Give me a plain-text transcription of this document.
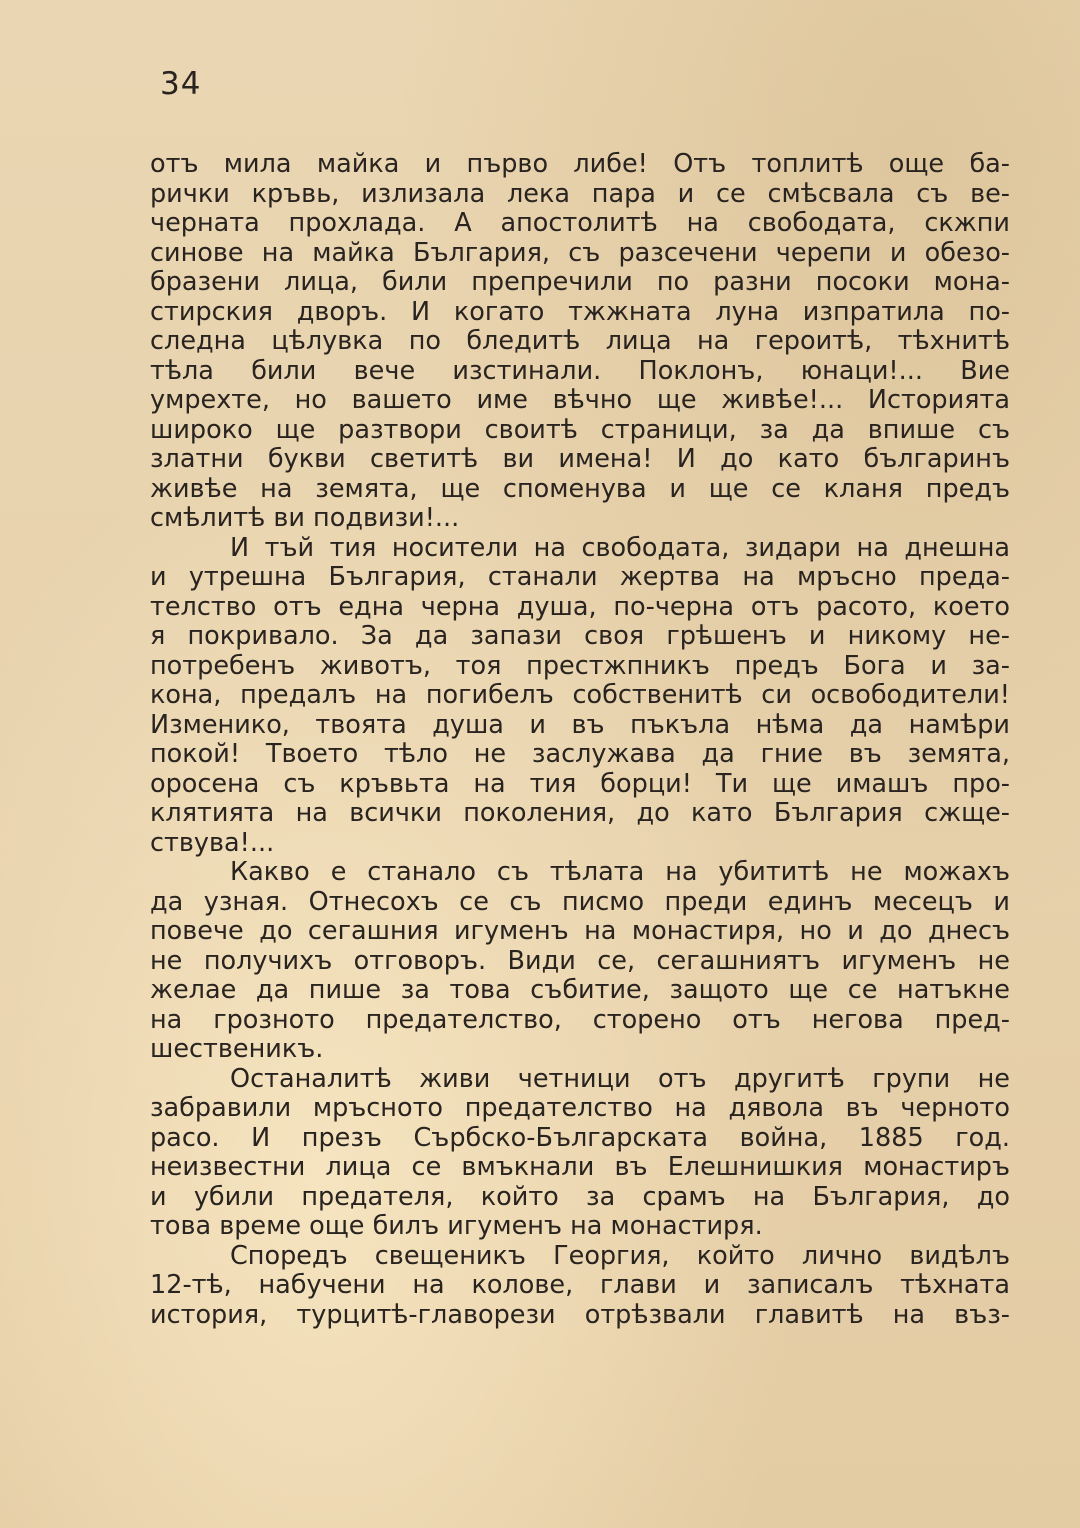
34
отъ мила майка и първо либе! Отъ топлитѣ още ба-
рички кръвь, излизала лека пара и се смѣсвала съ ве-
черната прохлада. А апостолитѣ на свободата, скжпи
синове на майка България, съ разсечени черепи и обезо-
бразени лица, били препречили по разни посоки мона-
стирския дворъ. И когато тжжната луна изпратила по-
следна цѣлувка по бледитѣ лица на героитѣ, тѣхнитѣ
тѣла били вече изстинали. Поклонъ, юнаци!... Вие
умрехте, но вашето име вѣчно ще живѣе!... Историята
широко ще разтвори своитѣ страници, за да впише съ
златни букви светитѣ ви имена! И до като българинъ
живѣе на земята, ще споменува и ще се кланя предъ
смѣлитѣ ви подвизи!...
И тъй тия носители на свободата, зидари на днешна
и утрешна България, станали жертва на мръсно преда-
телство отъ една черна душа, по-черна отъ расото, което
я покривало. За да запази своя грѣшенъ и никому не-
потребенъ животъ, тоя престжпникъ предъ Бога и за-
кона, предалъ на погибелъ собственитѣ си освободители!
Изменико, твоята душа и въ пъкъла нѣма да намѣри
покой! Твоето тѣло не заслужава да гние въ земята,
оросена съ кръвьта на тия борци! Ти ще имашъ про-
клятията на всички поколения, до като България сжще-
ствува!...
Какво е станало съ тѣлата на убититѣ не можахъ
да узная. Отнесохъ се съ писмо преди единъ месецъ и
повече до сегашния игуменъ на монастиря, но и до днесъ
не получихъ отговоръ. Види се, сегашниятъ игуменъ не
желае да пише за това събитие, защото ще се натъкне
на грозното предателство, сторено отъ негова пред-
шественикъ.
Останалитѣ живи четници отъ другитѣ групи не
забравили мръсното предателство на дявола въ черното
расо. И презъ Сърбско-Българската война, 1885 год.
неизвестни лица се вмъкнали въ Елешнишкия монастиръ
и убили предателя, който за срамъ на България, до
това време още билъ игуменъ на монастиря.
Споредъ свещеникъ Георгия, който лично видѣлъ
12-тѣ, набучени на колове, глави и записалъ тѣхната
история, турцитѣ-главорези отрѣзвали главитѣ на въз-
